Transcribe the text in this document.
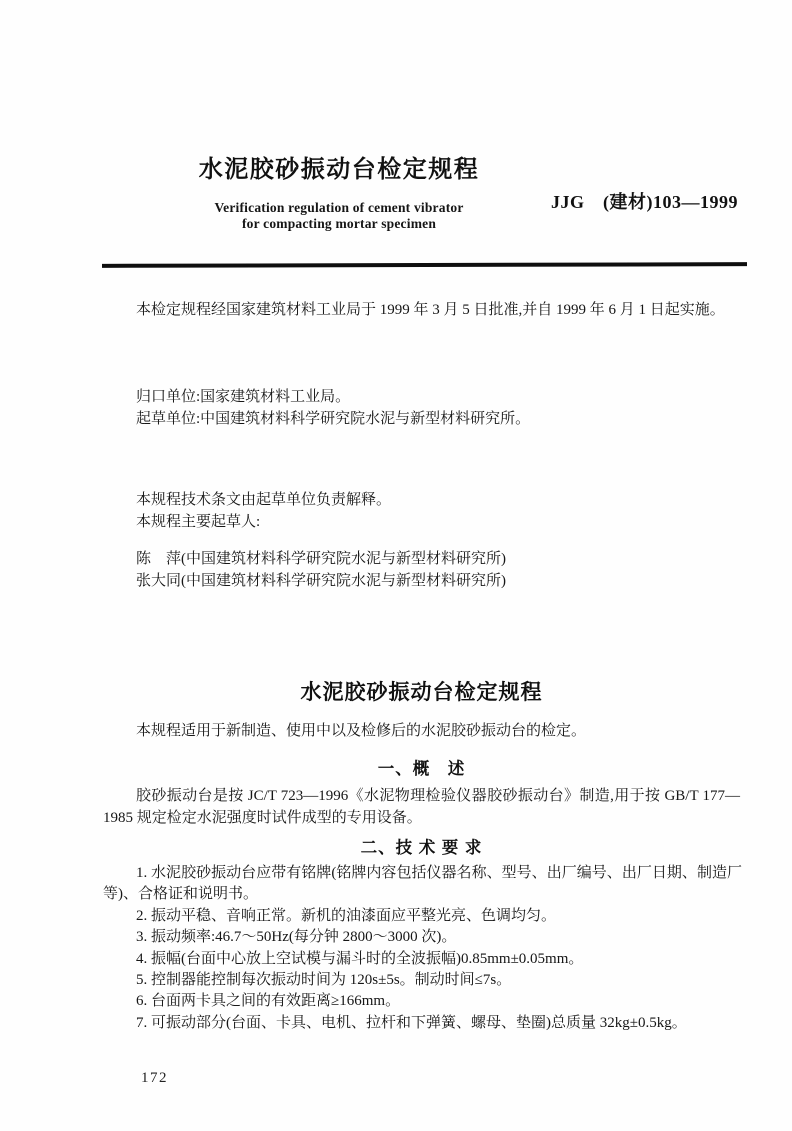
水泥胶砂振动台检定规程
Verification regulation of cement vibrator
for compacting mortar specimen
JJG　(建材)103—1999

本检定规程经国家建筑材料工业局于 1999 年 3 月 5 日批准,并自 1999 年 6 月 1 日起实施。

归口单位:国家建筑材料工业局。

起草单位:中国建筑材料科学研究院水泥与新型材料研究所。

本规程技术条文由起草单位负责解释。

本规程主要起草人:

陈　萍(中国建筑材料科学研究院水泥与新型材料研究所)

张大同(中国建筑材料科学研究院水泥与新型材料研究所)

水泥胶砂振动台检定规程

本规程适用于新制造、使用中以及检修后的水泥胶砂振动台的检定。

一、概　述

胶砂振动台是按 JC/T 723—1996《水泥物理检验仪器胶砂振动台》制造,用于按 GB/T 177—1985 规定检定水泥强度时试件成型的专用设备。

二、技 术 要 求

1. 水泥胶砂振动台应带有铭牌(铭牌内容包括仪器名称、型号、出厂编号、出厂日期、制造厂等)、合格证和说明书。

2. 振动平稳、音响正常。新机的油漆面应平整光亮、色调均匀。

3. 振动频率:46.7～50Hz(每分钟 2800～3000 次)。

4. 振幅(台面中心放上空试模与漏斗时的全波振幅)0.85mm±0.05mm。

5. 控制器能控制每次振动时间为 120s±5s。制动时间≤7s。

6. 台面两卡具之间的有效距离≥166mm。

7. 可振动部分(台面、卡具、电机、拉杆和下弹簧、螺母、垫圈)总质量 32kg±0.5kg。

172
